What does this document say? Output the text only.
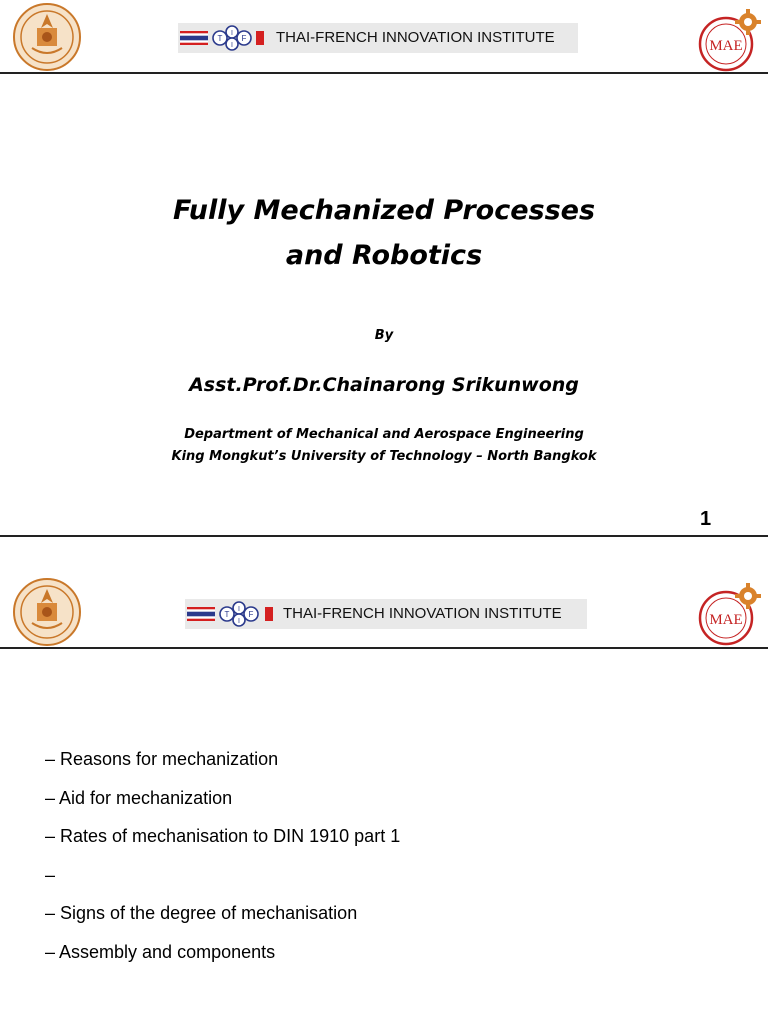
T
I
F
I	THAI-FRENCH INNOVATION INSTITUTE	MAE
Fully Mechanized Processes
and Robotics
By
Asst.Prof.Dr.Chainarong Srikunwong
Department of Mechanical and Aerospace Engineering
King Mongkut’s University of Technology – North Bangkok
1
T
I
F
I	THAI-FRENCH INNOVATION INSTITUTE	MAE
– Reasons for mechanization
– Aid for mechanization
– Rates of mechanisation to DIN 1910 part 1
–
– Signs of the degree of mechanisation
– Assembly and components
